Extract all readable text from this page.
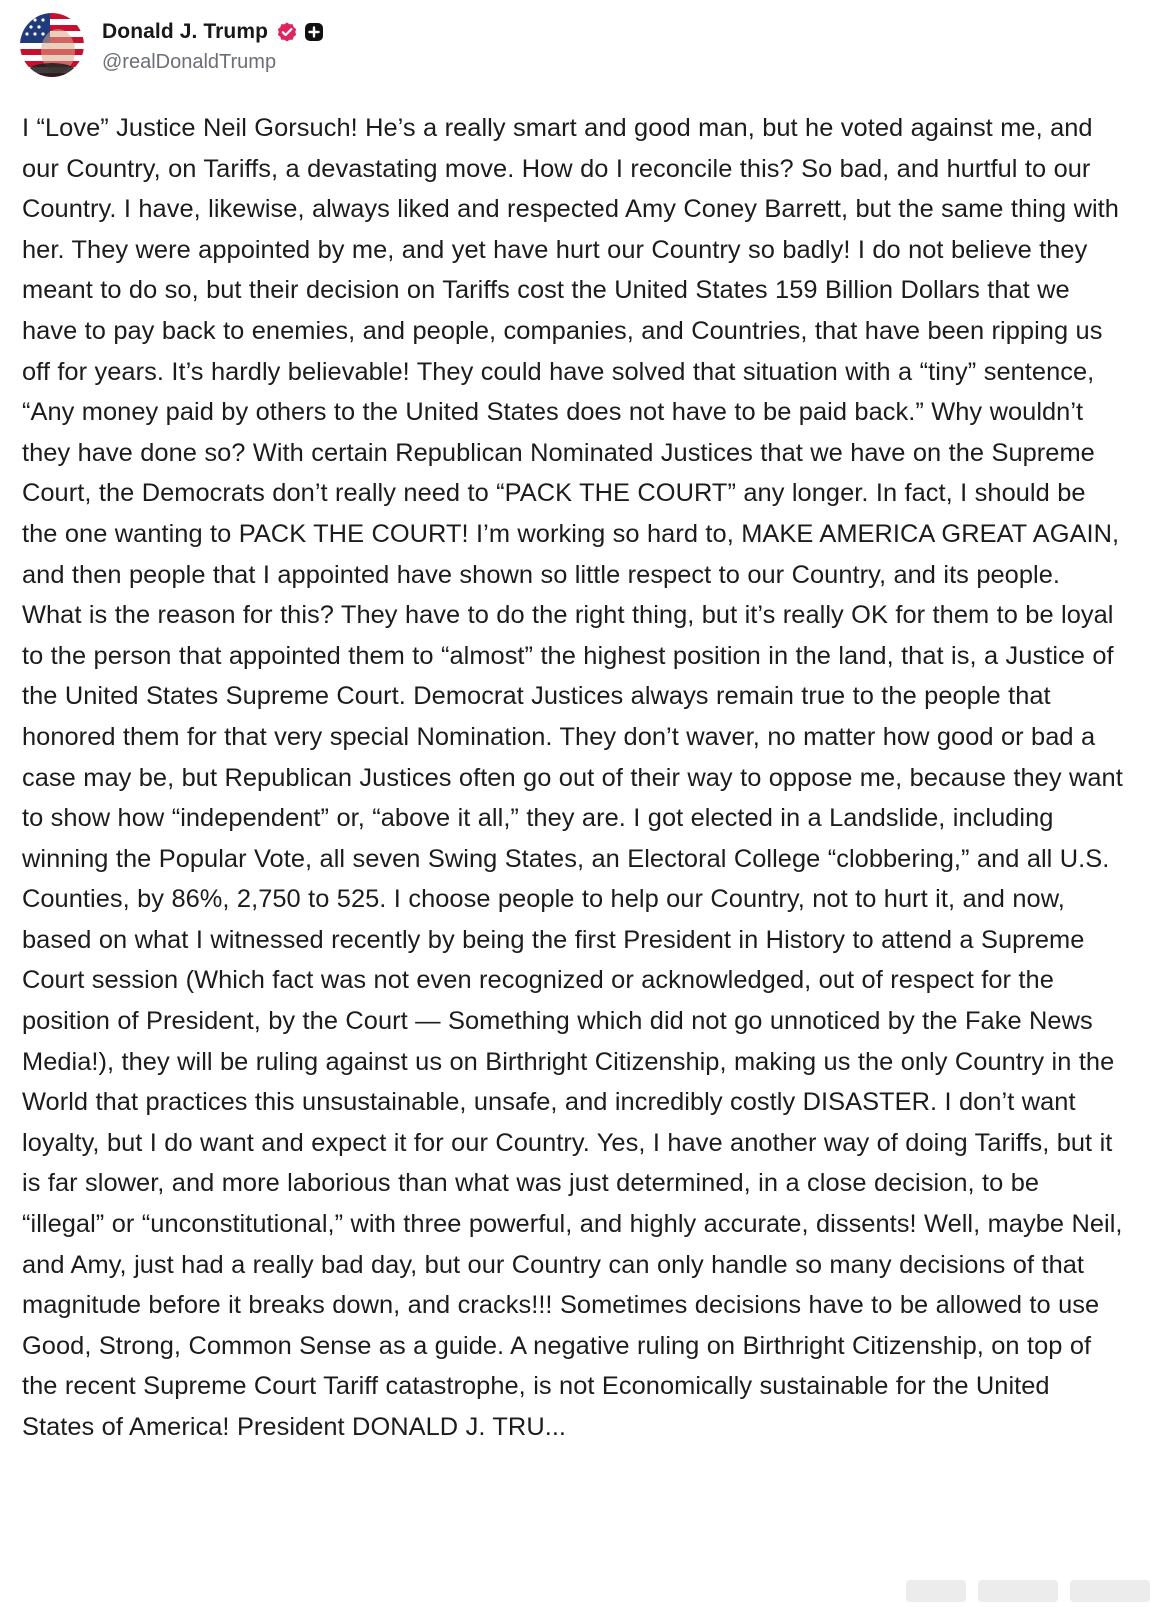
Donald J. Trump
@realDonaldTrump

I “Love” Justice Neil Gorsuch! He’s a really smart and good man, but he voted against me, and our Country, on Tariffs, a devastating move. How do I reconcile this? So bad, and hurtful to our Country. I have, likewise, always liked and respected Amy Coney Barrett, but the same thing with her. They were appointed by me, and yet have hurt our Country so badly! I do not believe they meant to do so, but their decision on Tariffs cost the United States 159 Billion Dollars that we have to pay back to enemies, and people, companies, and Countries, that have been ripping us off for years. It’s hardly believable! They could have solved that situation with a “tiny” sentence, “Any money paid by others to the United States does not have to be paid back.” Why wouldn’t they have done so? With certain Republican Nominated Justices that we have on the Supreme Court, the Democrats don’t really need to “PACK THE COURT” any longer. In fact, I should be the one wanting to PACK THE COURT! I’m working so hard to, MAKE AMERICA GREAT AGAIN, and then people that I appointed have shown so little respect to our Country, and its people. What is the reason for this? They have to do the right thing, but it’s really OK for them to be loyal to the person that appointed them to “almost” the highest position in the land, that is, a Justice of the United States Supreme Court. Democrat Justices always remain true to the people that honored them for that very special Nomination. They don’t waver, no matter how good or bad a case may be, but Republican Justices often go out of their way to oppose me, because they want to show how “independent” or, “above it all,” they are. I got elected in a Landslide, including winning the Popular Vote, all seven Swing States, an Electoral College “clobbering,” and all U.S. Counties, by 86%, 2,750 to 525. I choose people to help our Country, not to hurt it, and now, based on what I witnessed recently by being the first President in History to attend a Supreme Court session (Which fact was not even recognized or acknowledged, out of respect for the position of President, by the Court — Something which did not go unnoticed by the Fake News Media!), they will be ruling against us on Birthright Citizenship, making us the only Country in the World that practices this unsustainable, unsafe, and incredibly costly DISASTER. I don’t want loyalty, but I do want and expect it for our Country. Yes, I have another way of doing Tariffs, but it is far slower, and more laborious than what was just determined, in a close decision, to be “illegal” or “unconstitutional,” with three powerful, and highly accurate, dissents! Well, maybe Neil, and Amy, just had a really bad day, but our Country can only handle so many decisions of that magnitude before it breaks down, and cracks!!! Sometimes decisions have to be allowed to use Good, Strong, Common Sense as a guide. A negative ruling on Birthright Citizenship, on top of the recent Supreme Court Tariff catastrophe, is not Economically sustainable for the United States of America! President DONALD J. TRU...
